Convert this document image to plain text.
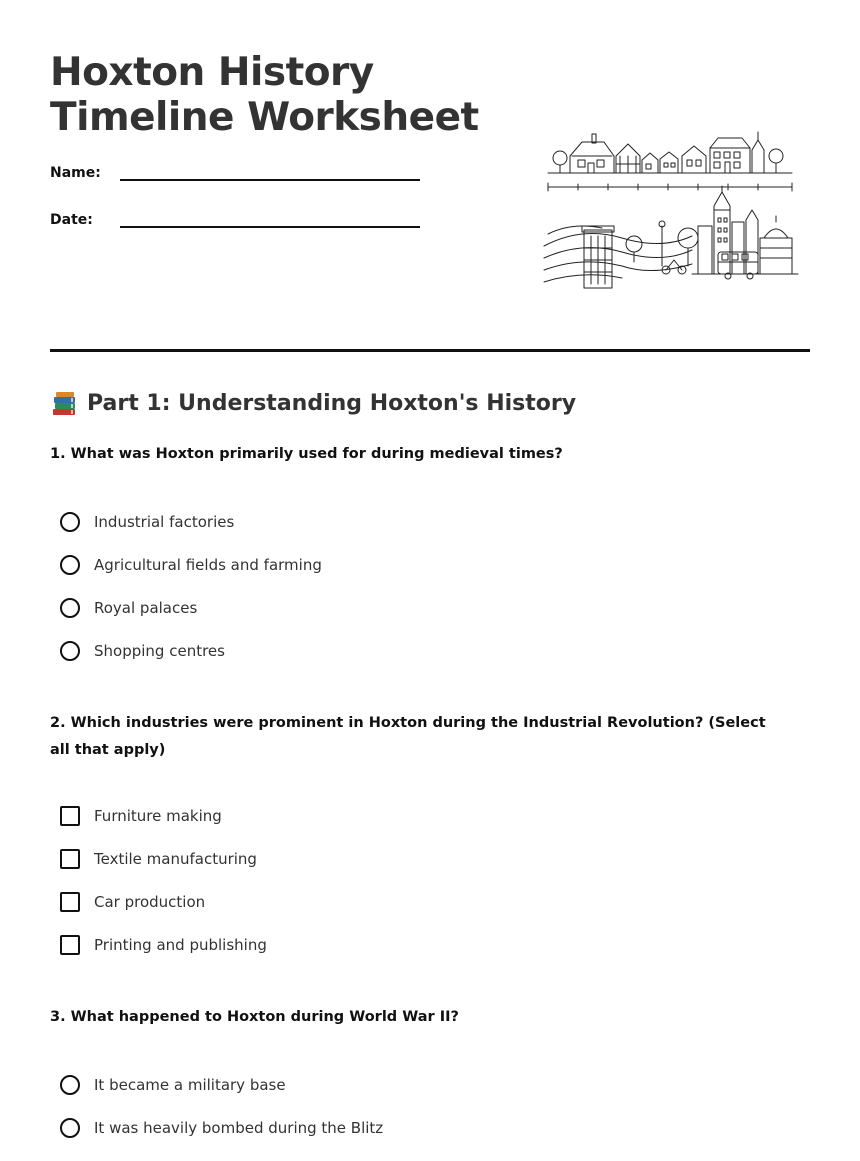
Hoxton History
Timeline Worksheet
Name:
Date:
Part 1: Understanding Hoxton's History

1. What was Hoxton primarily used for during medieval times?

Industrial factories
Agricultural fields and farming
Royal palaces
Shopping centres

2. Which industries were prominent in Hoxton during the Industrial Revolution? (Select all that apply)

Furniture making
Textile manufacturing
Car production
Printing and publishing

3. What happened to Hoxton during World War II?

It became a military base
It was heavily bombed during the Blitz
